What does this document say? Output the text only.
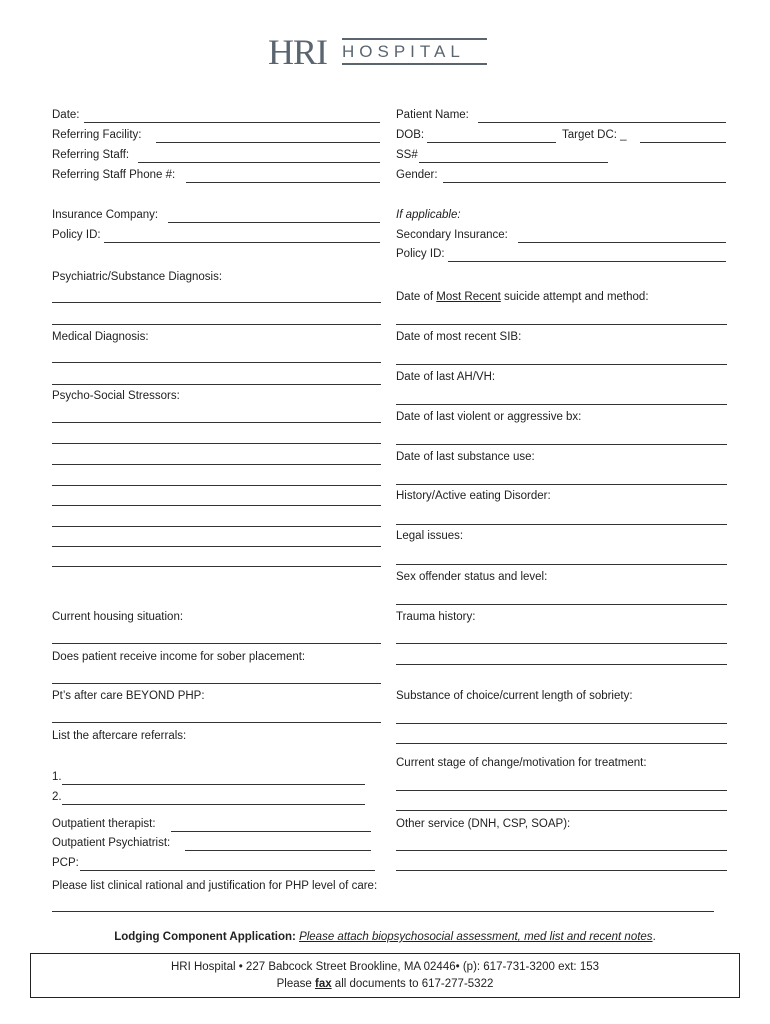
HRI HOSPITAL
Date:
Referring Facility:
Referring Staff:
Referring Staff Phone #:
Insurance Company:
Policy ID:
Psychiatric/Substance Diagnosis:
Medical Diagnosis:
Psycho-Social Stressors:
Current housing situation:
Does patient receive income for sober placement:
Pt’s after care BEYOND PHP:
List the aftercare referrals:
1.
2.
Outpatient therapist:
Outpatient Psychiatrist:
PCP:
Patient Name:
DOB:	Target DC: _
SS#
Gender:
If applicable:
Secondary Insurance:
Policy ID:
Date of Most Recent suicide attempt and method:
Date of most recent SIB:
Date of last AH/VH:
Date of last violent or aggressive bx:
Date of last substance use:
History/Active eating Disorder:
Legal issues:
Sex offender status and level:
Trauma history:
Substance of choice/current length of sobriety:
Current stage of change/motivation for treatment:
Other service (DNH, CSP, SOAP):
Please list clinical rational and justification for PHP level of care:
Lodging Component Application: Please attach biopsychosocial assessment, med list and recent notes.
HRI Hospital • 227 Babcock Street Brookline, MA 02446• (p): 617-731-3200 ext: 153
Please fax all documents to 617-277-5322
